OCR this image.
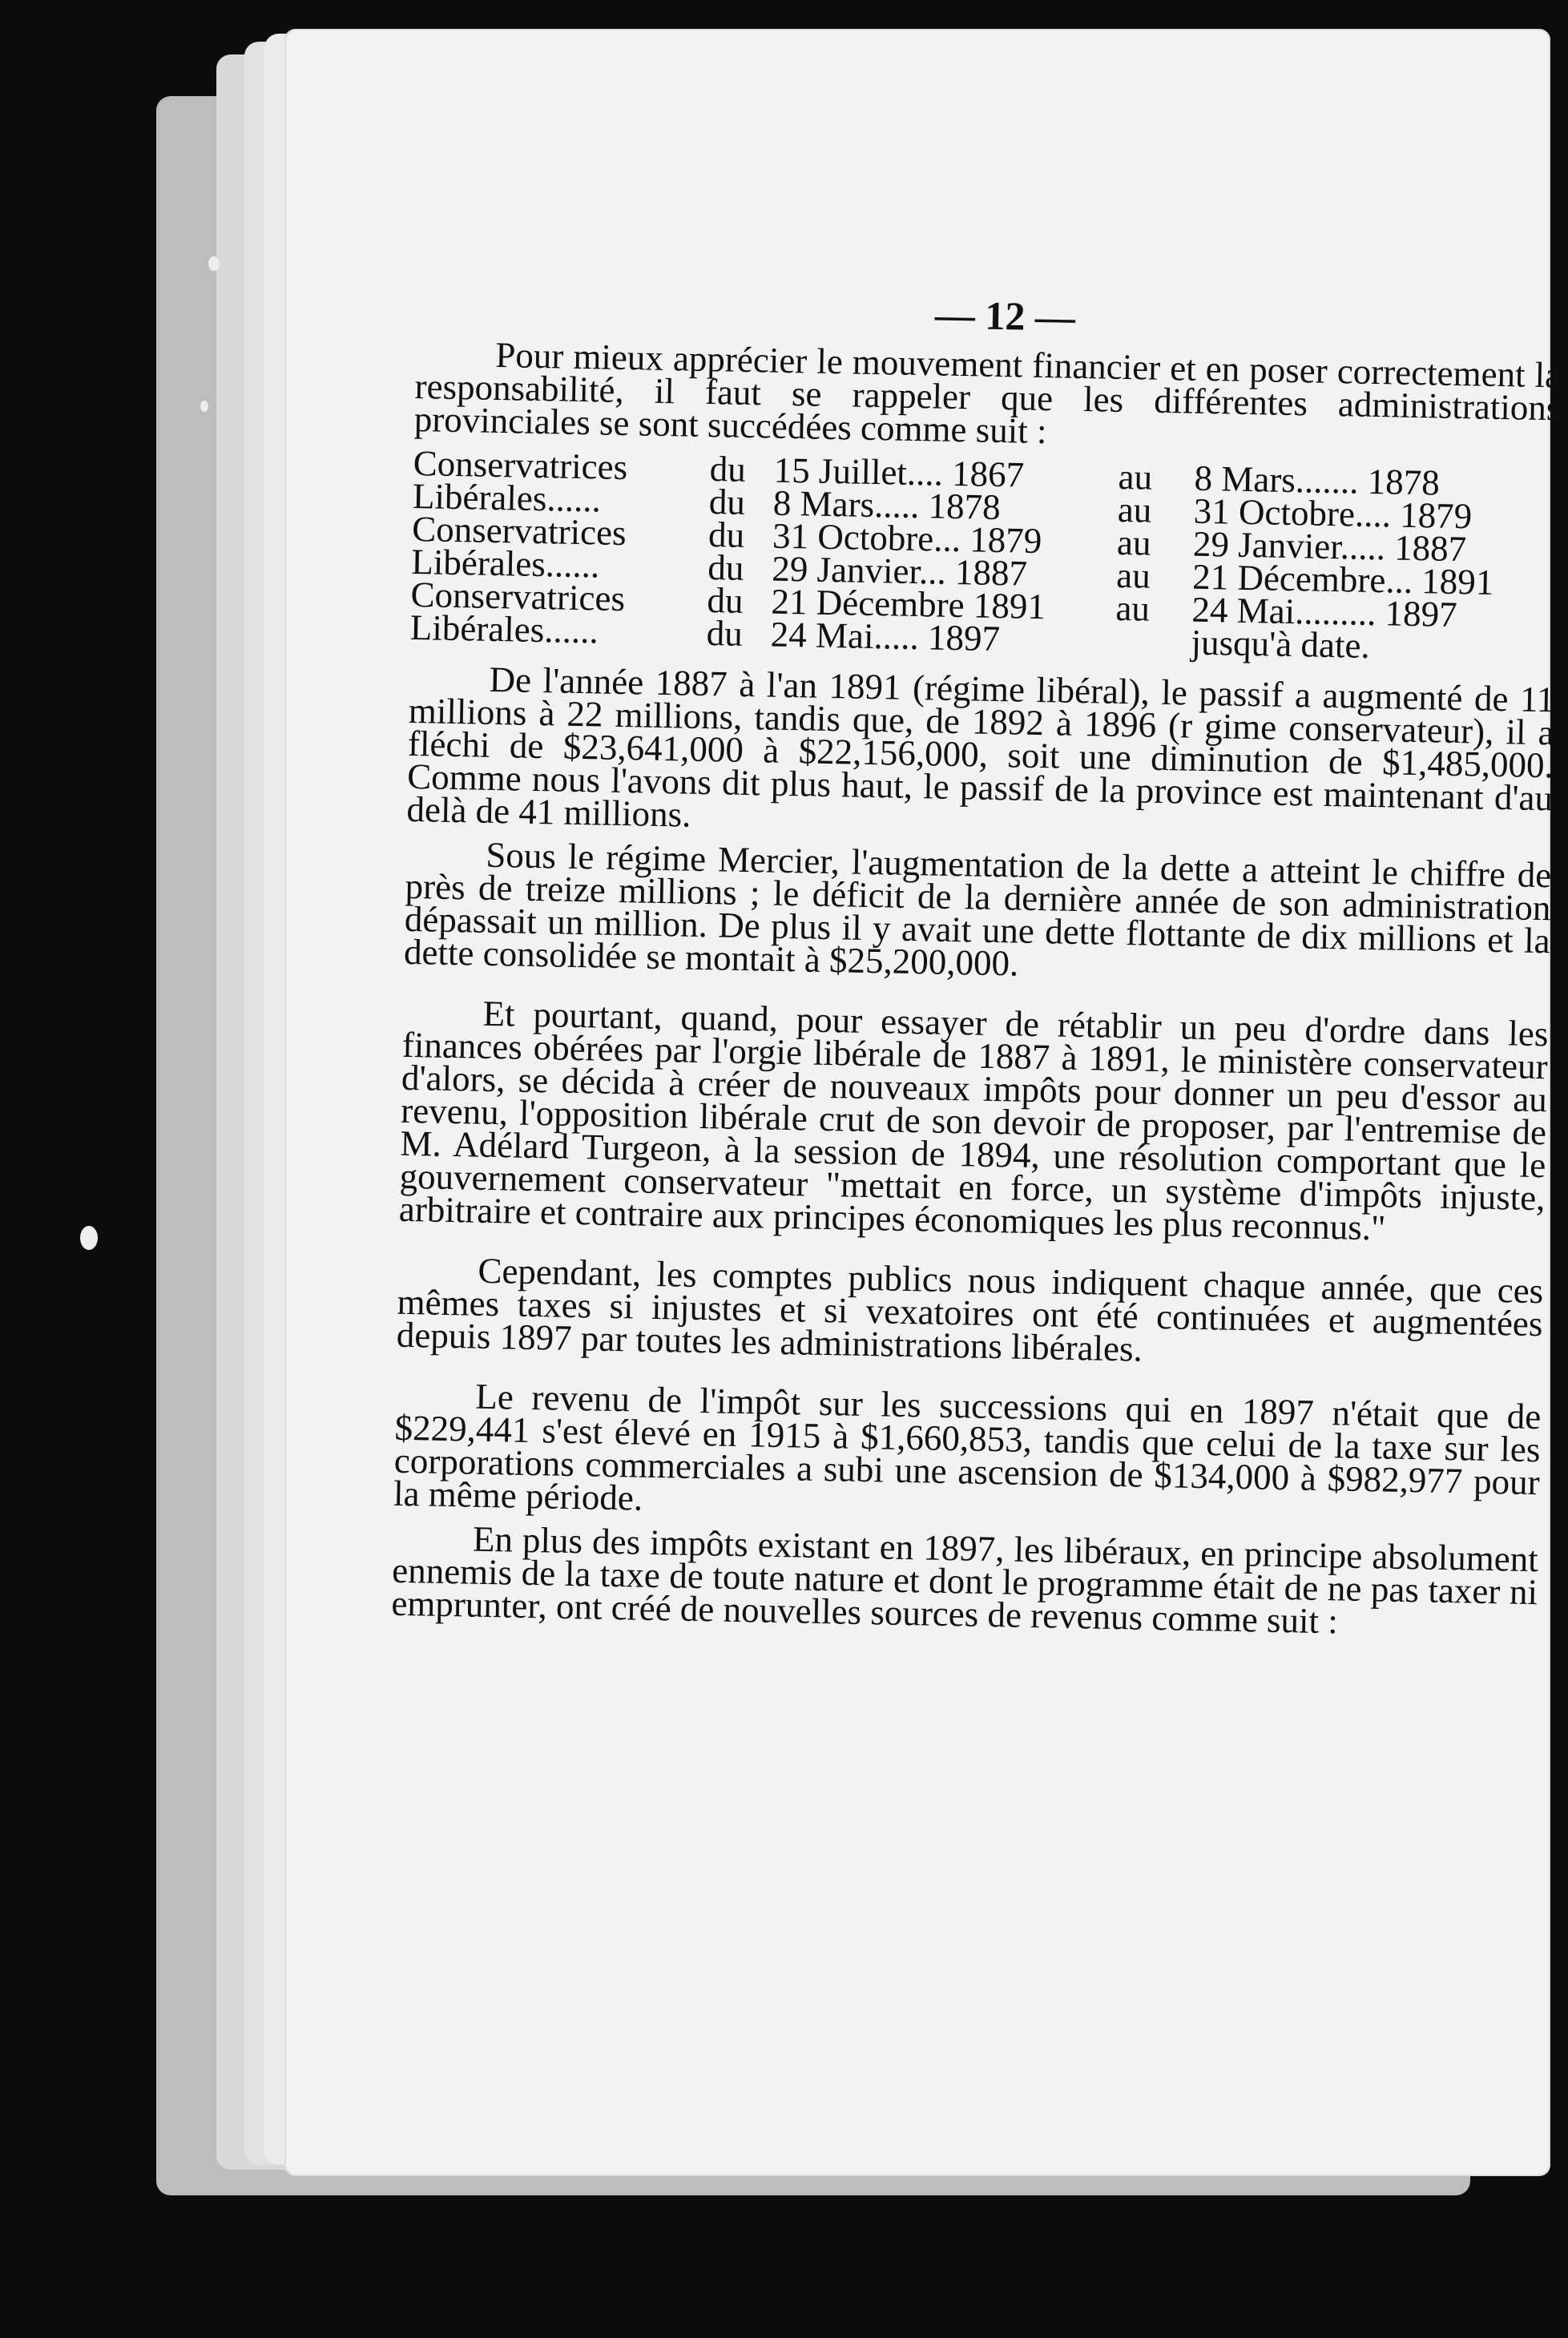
— 12 —

Pour mieux apprécier le mouvement financier et en poser correctement la responsabilité, il faut se rappeler que les différentes administrations provinciales se sont succédées comme suit :

Conservatrices	du	15 Juillet.... 1867	au	8 Mars....... 1878
Libérales......	du	8 Mars..... 1878	au	31 Octobre.... 1879
Conservatrices	du	31 Octobre... 1879	au	29 Janvier..... 1887
Libérales......	du	29 Janvier... 1887	au	21 Décembre... 1891
Conservatrices	du	21 Décembre 1891	au	24 Mai......... 1897
Libérales......	du	24 Mai..... 1897		jusqu'à date.

De l'année 1887 à l'an 1891 (régime libéral), le passif a augmenté de 11 millions à 22 millions, tandis que, de 1892 à 1896 (r gime conservateur), il a fléchi de $23,641,000 à $22,156,000, soit une diminution de $1,485,000. Comme nous l'avons dit plus haut, le passif de la province est maintenant d'au delà de 41 millions.

Sous le régime Mercier, l'augmentation de la dette a atteint le chiffre de près de treize millions ; le déficit de la dernière année de son administration dépassait un million. De plus il y avait une dette flottante de dix millions et la dette consolidée se montait à $25,200,000.

Et pourtant, quand, pour essayer de rétablir un peu d'ordre dans les finances obérées par l'orgie libérale de 1887 à 1891, le ministère conservateur d'alors, se décida à créer de nouveaux impôts pour donner un peu d'essor au revenu, l'opposition libérale crut de son devoir de proposer, par l'entremise de M. Adélard Turgeon, à la session de 1894, une résolution comportant que le gouvernement conservateur "mettait en force, un système d'impôts injuste, arbitraire et contraire aux principes économiques les plus reconnus."

Cependant, les comptes publics nous indiquent chaque année, que ces mêmes taxes si injustes et si vexatoires ont été continuées et augmentées depuis 1897 par toutes les administrations libérales.

Le revenu de l'impôt sur les successions qui en 1897 n'était que de $229,441 s'est élevé en 1915 à $1,660,853, tandis que celui de la taxe sur les corporations commerciales a subi une ascension de $134,000 à $982,977 pour la même période.

En plus des impôts existant en 1897, les libéraux, en principe absolument ennemis de la taxe de toute nature et dont le programme était de ne pas taxer ni emprunter, ont créé de nouvelles sources de revenus comme suit :
